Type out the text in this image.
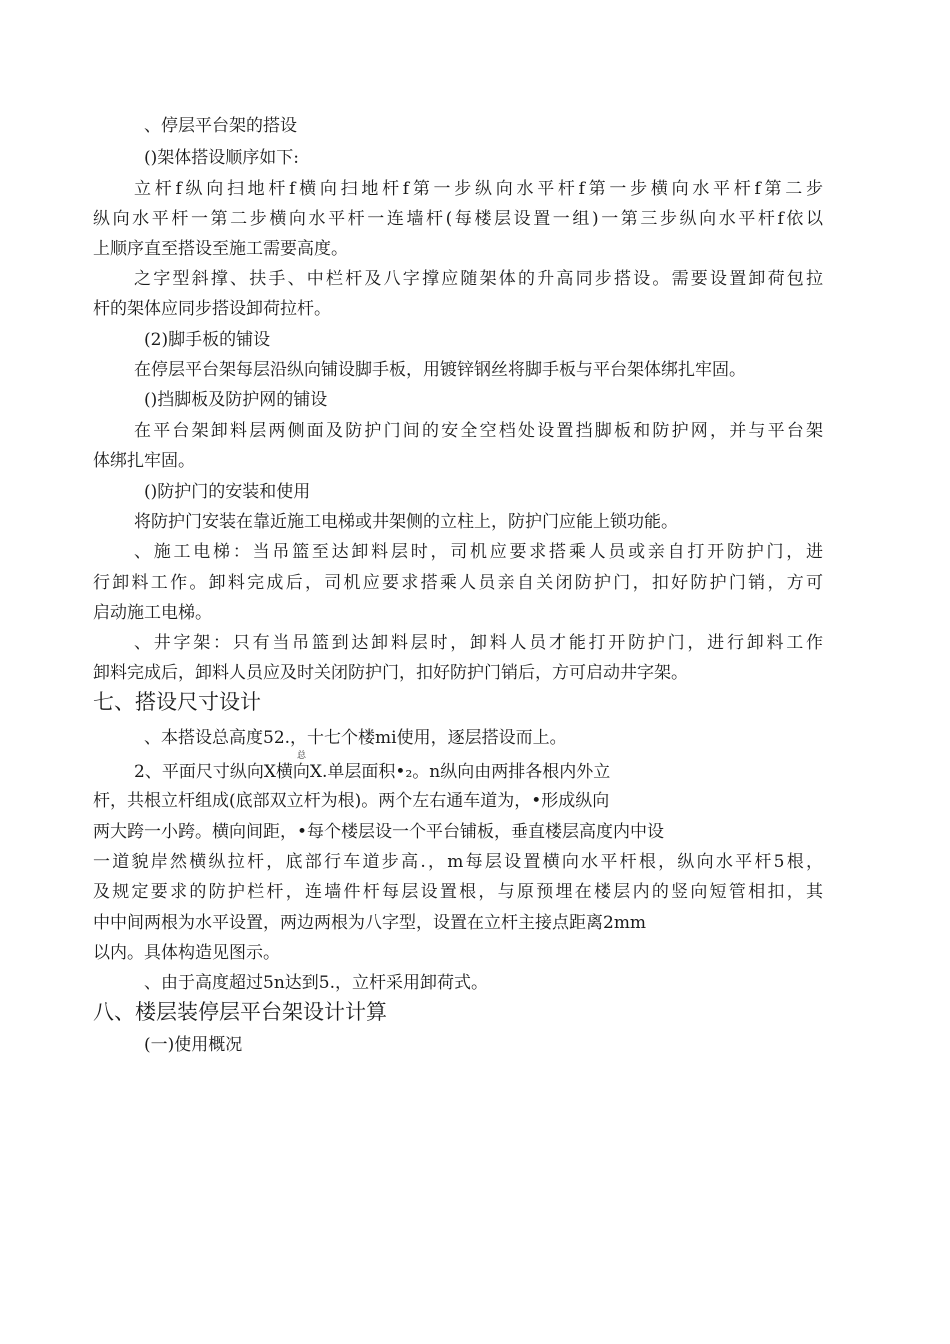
、停层平台架的搭设
()架体搭设顺序如下:
立杆f纵向扫地杆f横向扫地杆f第一步纵向水平杆f第一步横向水平杆f第二步
纵向水平杆一第二步横向水平杆一连墙杆(每楼层设置一组)一第三步纵向水平杆f依以
上顺序直至搭设至施工需要高度。
之字型斜撑、扶手、中栏杆及八字撑应随架体的升高同步搭设。需要设置卸荷包拉
杆的架体应同步搭设卸荷拉杆。
(2)脚手板的铺设
在停层平台架每层沿纵向铺设脚手板，用镀锌钢丝将脚手板与平台架体绑扎牢固。
()挡脚板及防护网的铺设
在平台架卸料层两侧面及防护门间的安全空档处设置挡脚板和防护网，并与平台架
体绑扎牢固。
()防护门的安装和使用
将防护门安装在靠近施工电梯或井架侧的立柱上，防护门应能上锁功能。
、施工电梯：当吊篮至达卸料层时，司机应要求搭乘人员或亲自打开防护门，进
行卸料工作。卸料完成后，司机应要求搭乘人员亲自关闭防护门，扣好防护门销，方可
启动施工电梯。
、井字架：只有当吊篮到达卸料层时，卸料人员才能打开防护门，进行卸料工作
卸料完成后，卸料人员应及时关闭防护门，扣好防护门销后，方可启动井字架。
七、搭设尺寸设计
、本搭设总高度52.，十七个楼mi使用，逐层搭设而上。
总
2、平面尺寸纵向X横向X.单层面积•₂。n纵向由两排各根内外立
杆，共根立杆组成(底部双立杆为根)。两个左右通车道为，•形成纵向
两大跨一小跨。横向间距，•每个楼层设一个平台铺板，垂直楼层高度内中设
一道貌岸然横纵拉杆，底部行车道步高.，m每层设置横向水平杆根，纵向水平杆5根，
及规定要求的防护栏杆，连墙件杆每层设置根，与原预埋在楼层内的竖向短管相扣，其
中中间两根为水平设置，两边两根为八字型，设置在立杆主接点距离2mm
以内。具体构造见图示。
、由于高度超过5n达到5.，立杆采用卸荷式。
八、楼层装停层平台架设计计算
(一)使用概况
